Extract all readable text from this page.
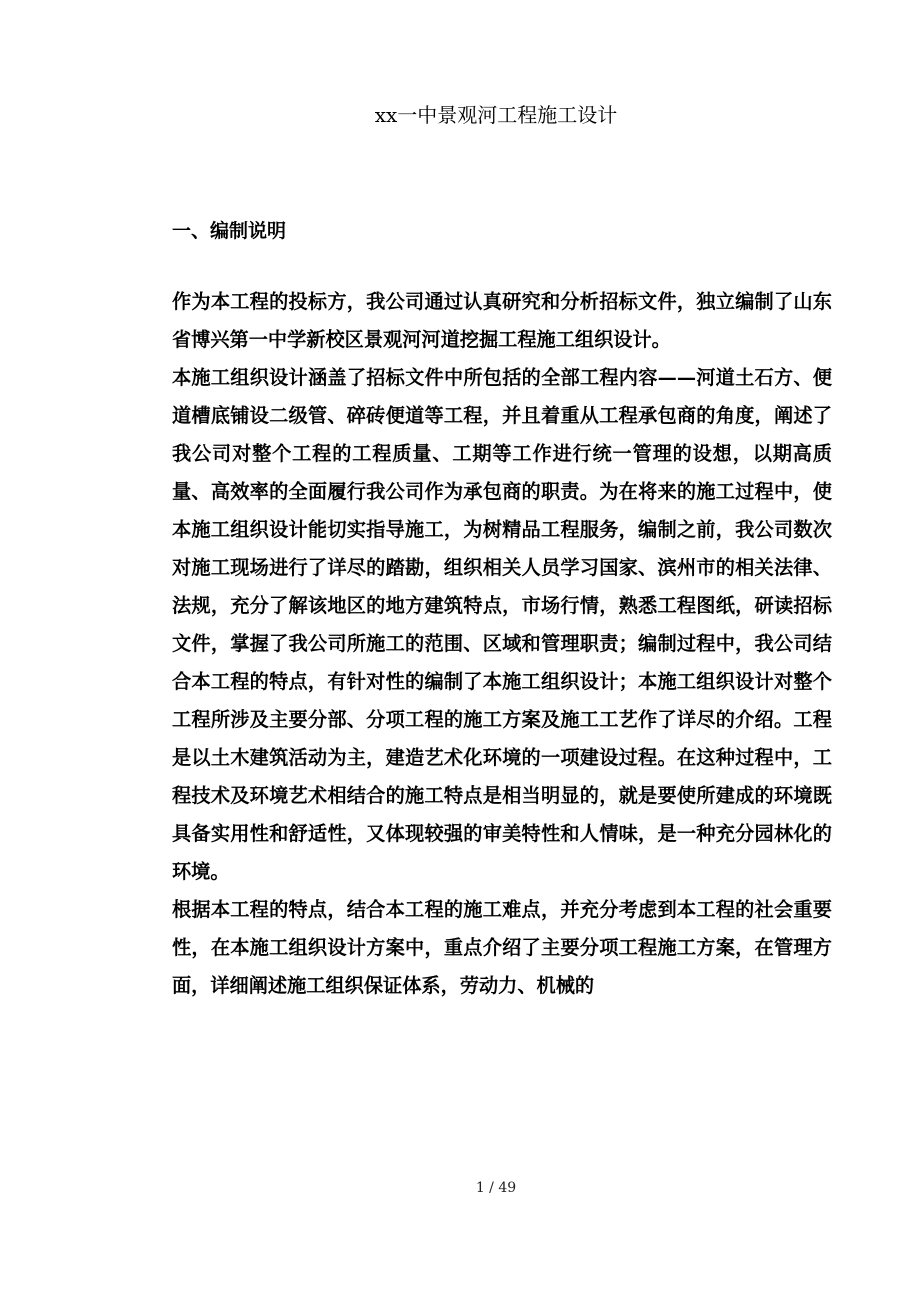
xx一中景观河工程施工设计
一、编制说明

作为本工程的投标方，我公司通过认真研究和分析招标文件，独立编制了山东省博兴第一中学新校区景观河河道挖掘工程施工组织设计。

本施工组织设计涵盖了招标文件中所包括的全部工程内容——河道土石方、便道槽底铺设二级管、碎砖便道等工程，并且着重从工程承包商的角度，阐述了我公司对整个工程的工程质量、工期等工作进行统一管理的设想，以期高质量、高效率的全面履行我公司作为承包商的职责。为在将来的施工过程中，使本施工组织设计能切实指导施工，为树精品工程服务，编制之前，我公司数次对施工现场进行了详尽的踏勘，组织相关人员学习国家、滨州市的相关法律、法规，充分了解该地区的地方建筑特点，市场行情，熟悉工程图纸，研读招标文件，掌握了我公司所施工的范围、区域和管理职责；编制过程中，我公司结合本工程的特点，有针对性的编制了本施工组织设计；本施工组织设计对整个工程所涉及主要分部、分项工程的施工方案及施工工艺作了详尽的介绍。工程是以土木建筑活动为主，建造艺术化环境的一项建设过程。在这种过程中，工程技术及环境艺术相结合的施工特点是相当明显的，就是要使所建成的环境既具备实用性和舒适性，又体现较强的审美特性和人情味，是一种充分园林化的环境。

根据本工程的特点，结合本工程的施工难点，并充分考虑到本工程的社会重要性，在本施工组织设计方案中，重点介绍了主要分项工程施工方案，在管理方面，详细阐述施工组织保证体系，劳动力、机械的

1 / 49
